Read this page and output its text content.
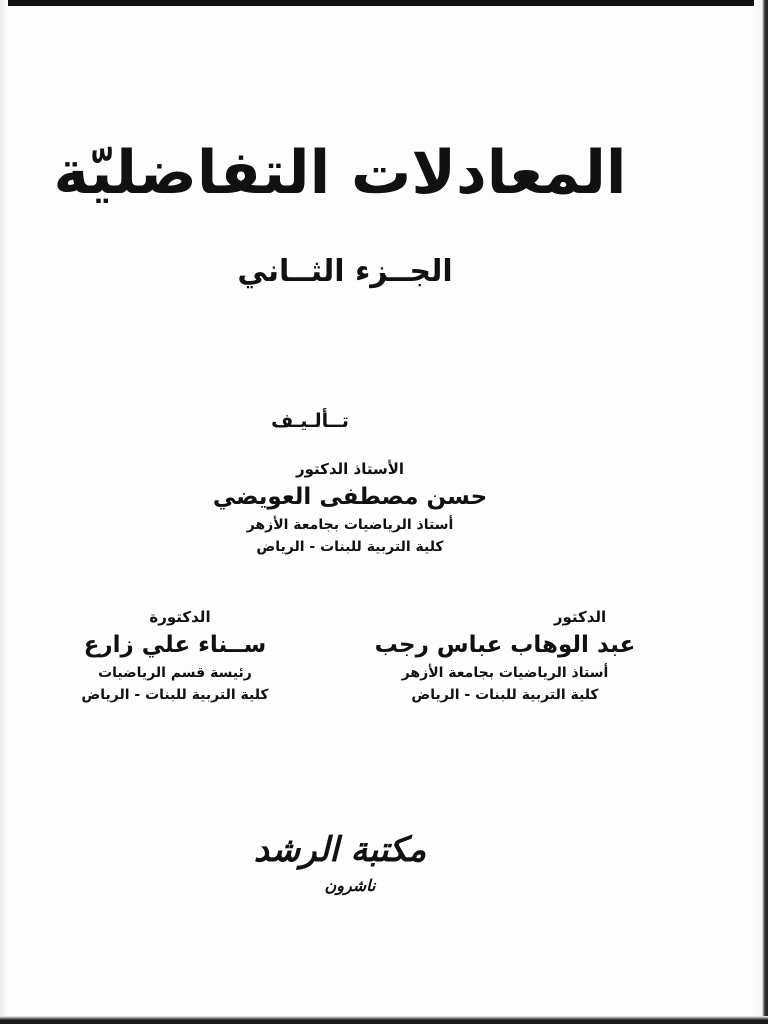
المعادلات التفاضليّة
الجــزء الثــاني
تــألـيـف
الأستاذ الدكتور
حسن مصطفى العويضي
أستاذ الرياضيات بجامعة الأزهر
كلية التربية للبنات - الرياض
الدكتور
عبد الوهاب عباس رجب
أستاذ الرياضيات بجامعة الأزهر
كلية التربية للبنات - الرياض
الدكتورة
ســناء علي زارع
رئيسة قسم الرياضيات
كلية التربية للبنات - الرياض
مكتبة الرشد
ناشرون
